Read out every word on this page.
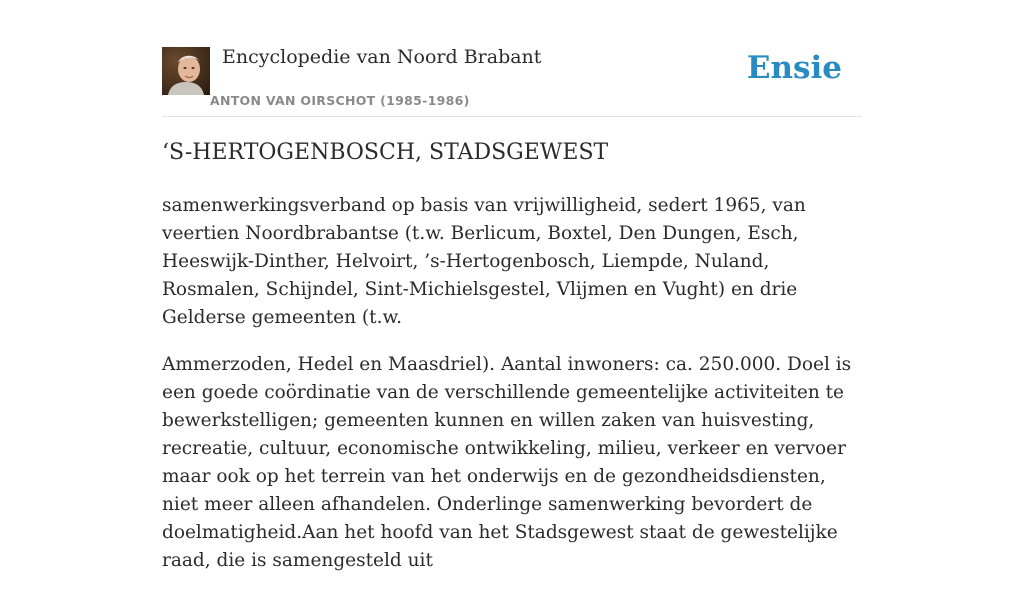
Encyclopedie van Noord Brabant
ANTON VAN OIRSCHOT (1985-1986)
Ensie
‘S-HERTOGENBOSCH, STADSGEWEST

samenwerkingsverband op basis van vrijwilligheid, sedert 1965, van veertien Noordbrabantse (t.w. Berlicum, Boxtel, Den Dungen, Esch, Heeswijk-Dinther, Helvoirt, ’s-Hertogenbosch, Liempde, Nuland, Rosmalen, Schijndel, Sint-Michielsgestel, Vlijmen en Vught) en drie Gelderse gemeenten (t.w.

Ammerzoden, Hedel en Maasdriel). Aantal inwoners: ca. 250.000. Doel is een goede coördinatie van de verschillende gemeentelijke activiteiten te bewerkstelligen; gemeenten kunnen en willen zaken van huisvesting, recreatie, cultuur, economische ontwikkeling, milieu, verkeer en vervoer maar ook op het terrein van het onderwijs en de gezondheidsdiensten, niet meer alleen afhandelen. Onderlinge samenwerking bevordert de doelmatigheid.Aan het hoofd van het Stadsgewest staat de gewestelijke raad, die is samengesteld uit
